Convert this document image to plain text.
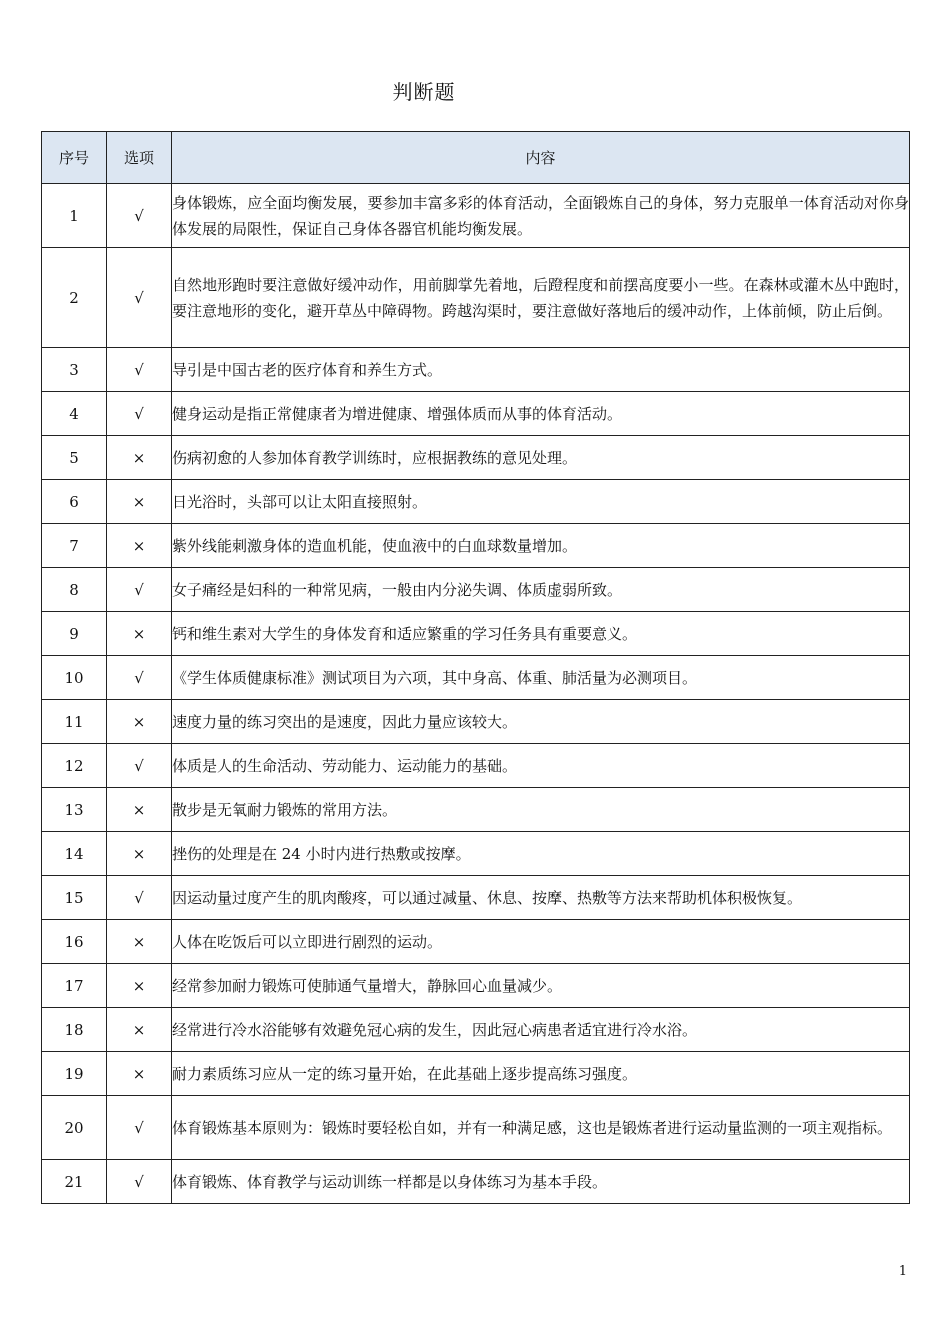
判断题
序号	选项	内容
1	√	身体锻炼，应全面均衡发展，要参加丰富多彩的体育活动，全面锻炼自己的身体，努力克服单一体育活动对你身体发展的局限性，保证自己身体各器官机能均衡发展。
2	√	自然地形跑时要注意做好缓冲动作，用前脚掌先着地，后蹬程度和前摆高度要小一些。在森林或灌木丛中跑时，要注意地形的变化，避开草丛中障碍物。跨越沟渠时，要注意做好落地后的缓冲动作，上体前倾，防止后倒。
3	√	导引是中国古老的医疗体育和养生方式。
4	√	健身运动是指正常健康者为增进健康、增强体质而从事的体育活动。
5	×	伤病初愈的人参加体育教学训练时，应根据教练的意见处理。
6	×	日光浴时，头部可以让太阳直接照射。
7	×	紫外线能刺激身体的造血机能，使血液中的白血球数量增加。
8	√	女子痛经是妇科的一种常见病，一般由内分泌失调、体质虚弱所致。
9	×	钙和维生素对大学生的身体发育和适应繁重的学习任务具有重要意义。
10	√	《学生体质健康标准》测试项目为六项，其中身高、体重、肺活量为必测项目。
11	×	速度力量的练习突出的是速度，因此力量应该较大。
12	√	体质是人的生命活动、劳动能力、运动能力的基础。
13	×	散步是无氧耐力锻炼的常用方法。
14	×	挫伤的处理是在 24 小时内进行热敷或按摩。
15	√	因运动量过度产生的肌肉酸疼，可以通过减量、休息、按摩、热敷等方法来帮助机体积极恢复。
16	×	人体在吃饭后可以立即进行剧烈的运动。
17	×	经常参加耐力锻炼可使肺通气量增大，静脉回心血量减少。
18	×	经常进行冷水浴能够有效避免冠心病的发生，因此冠心病患者适宜进行冷水浴。
19	×	耐力素质练习应从一定的练习量开始，在此基础上逐步提高练习强度。
20	√	体育锻炼基本原则为：锻炼时要轻松自如，并有一种满足感，这也是锻炼者进行运动量监测的一项主观指标。
21	√	体育锻炼、体育教学与运动训练一样都是以身体练习为基本手段。
1
